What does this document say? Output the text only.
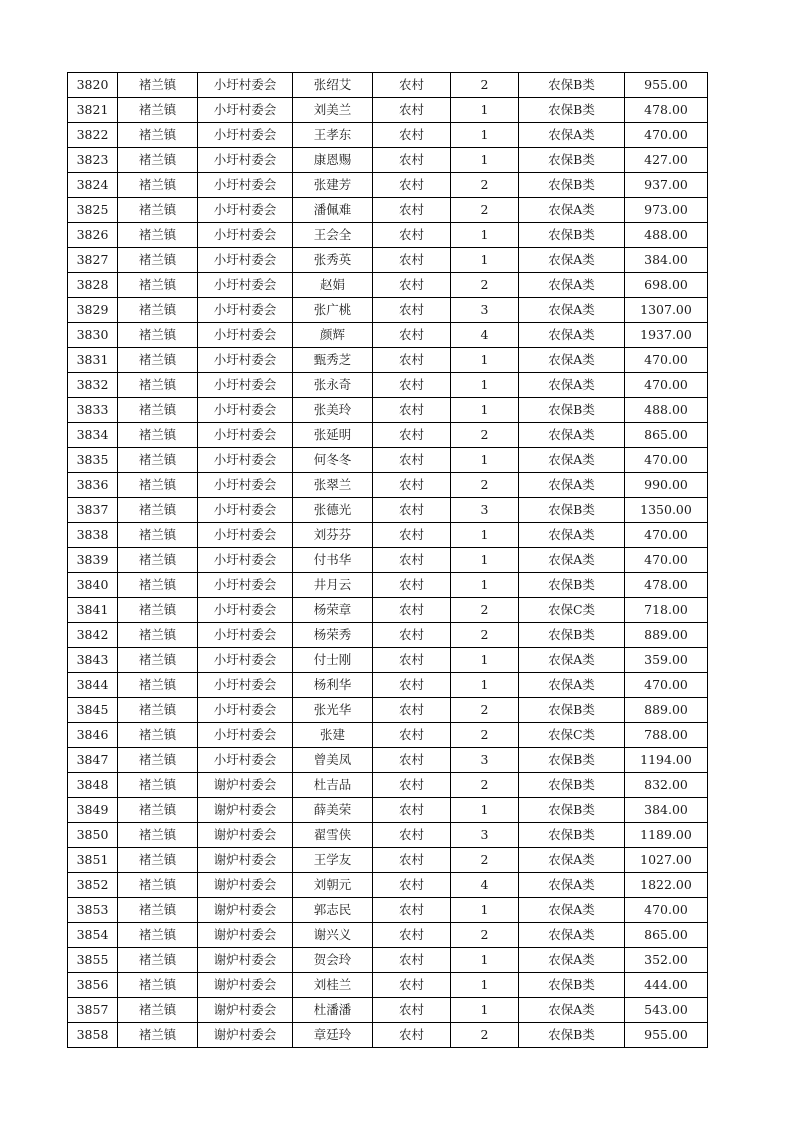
3820	褚兰镇	小圩村委会	张绍艾	农村	2	农保B类	955.00
3821	褚兰镇	小圩村委会	刘美兰	农村	1	农保B类	478.00
3822	褚兰镇	小圩村委会	王孝东	农村	1	农保A类	470.00
3823	褚兰镇	小圩村委会	康恩赐	农村	1	农保B类	427.00
3824	褚兰镇	小圩村委会	张建芳	农村	2	农保B类	937.00
3825	褚兰镇	小圩村委会	潘佩难	农村	2	农保A类	973.00
3826	褚兰镇	小圩村委会	王会全	农村	1	农保B类	488.00
3827	褚兰镇	小圩村委会	张秀英	农村	1	农保A类	384.00
3828	褚兰镇	小圩村委会	赵娟	农村	2	农保A类	698.00
3829	褚兰镇	小圩村委会	张广桃	农村	3	农保A类	1307.00
3830	褚兰镇	小圩村委会	颜辉	农村	4	农保A类	1937.00
3831	褚兰镇	小圩村委会	甄秀芝	农村	1	农保A类	470.00
3832	褚兰镇	小圩村委会	张永奇	农村	1	农保A类	470.00
3833	褚兰镇	小圩村委会	张美玲	农村	1	农保B类	488.00
3834	褚兰镇	小圩村委会	张延明	农村	2	农保A类	865.00
3835	褚兰镇	小圩村委会	何冬冬	农村	1	农保A类	470.00
3836	褚兰镇	小圩村委会	张翠兰	农村	2	农保A类	990.00
3837	褚兰镇	小圩村委会	张德光	农村	3	农保B类	1350.00
3838	褚兰镇	小圩村委会	刘芬芬	农村	1	农保A类	470.00
3839	褚兰镇	小圩村委会	付书华	农村	1	农保A类	470.00
3840	褚兰镇	小圩村委会	井月云	农村	1	农保B类	478.00
3841	褚兰镇	小圩村委会	杨荣章	农村	2	农保C类	718.00
3842	褚兰镇	小圩村委会	杨荣秀	农村	2	农保B类	889.00
3843	褚兰镇	小圩村委会	付士刚	农村	1	农保A类	359.00
3844	褚兰镇	小圩村委会	杨利华	农村	1	农保A类	470.00
3845	褚兰镇	小圩村委会	张光华	农村	2	农保B类	889.00
3846	褚兰镇	小圩村委会	张建	农村	2	农保C类	788.00
3847	褚兰镇	小圩村委会	曾美凤	农村	3	农保B类	1194.00
3848	褚兰镇	谢炉村委会	杜吉品	农村	2	农保B类	832.00
3849	褚兰镇	谢炉村委会	薛美荣	农村	1	农保B类	384.00
3850	褚兰镇	谢炉村委会	翟雪侠	农村	3	农保B类	1189.00
3851	褚兰镇	谢炉村委会	王学友	农村	2	农保A类	1027.00
3852	褚兰镇	谢炉村委会	刘朝元	农村	4	农保A类	1822.00
3853	褚兰镇	谢炉村委会	郭志民	农村	1	农保A类	470.00
3854	褚兰镇	谢炉村委会	谢兴义	农村	2	农保A类	865.00
3855	褚兰镇	谢炉村委会	贺会玲	农村	1	农保A类	352.00
3856	褚兰镇	谢炉村委会	刘桂兰	农村	1	农保B类	444.00
3857	褚兰镇	谢炉村委会	杜潘潘	农村	1	农保A类	543.00
3858	褚兰镇	谢炉村委会	章廷玲	农村	2	农保B类	955.00
